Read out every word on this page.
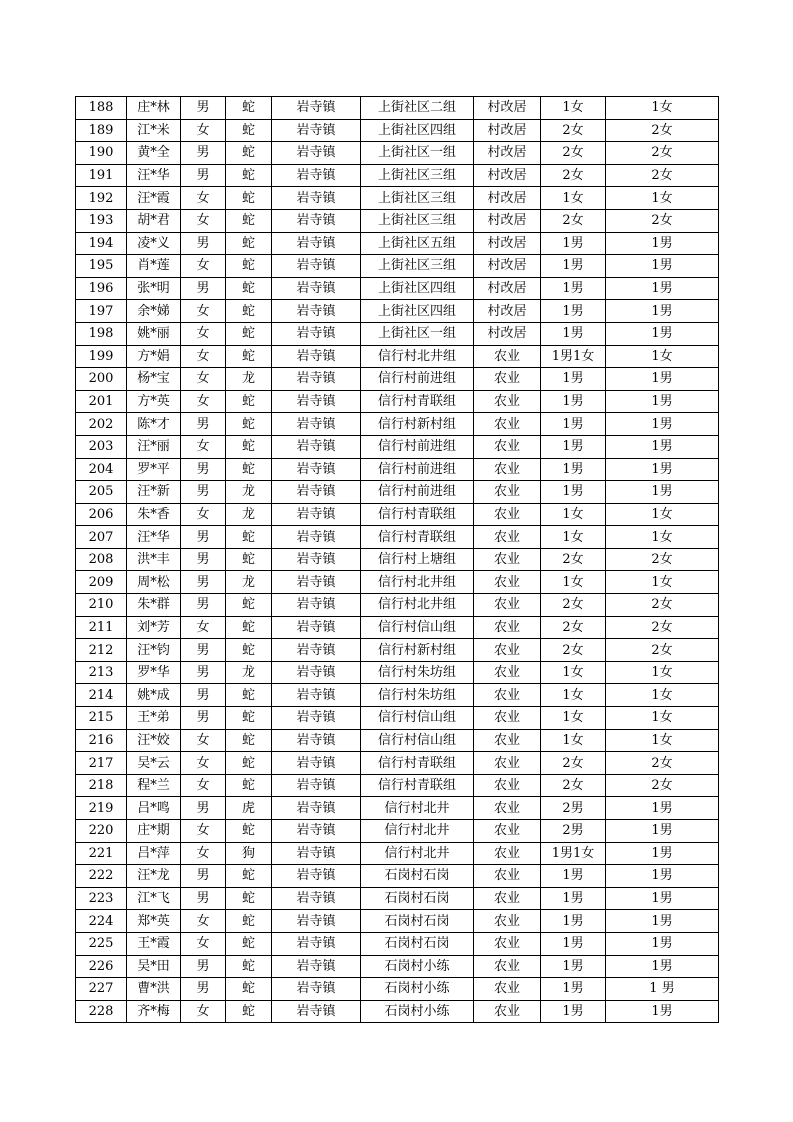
188	庄*林	男	蛇	岩寺镇	上街社区二组	村改居	1女	1女
189	江*米	女	蛇	岩寺镇	上街社区四组	村改居	2女	2女
190	黄*全	男	蛇	岩寺镇	上街社区一组	村改居	2女	2女
191	汪*华	男	蛇	岩寺镇	上街社区三组	村改居	2女	2女
192	汪*霞	女	蛇	岩寺镇	上街社区三组	村改居	1女	1女
193	胡*君	女	蛇	岩寺镇	上街社区三组	村改居	2女	2女
194	凌*义	男	蛇	岩寺镇	上街社区五组	村改居	1男	1男
195	肖*莲	女	蛇	岩寺镇	上街社区三组	村改居	1男	1男
196	张*明	男	蛇	岩寺镇	上街社区四组	村改居	1男	1男
197	余*娣	女	蛇	岩寺镇	上街社区四组	村改居	1男	1男
198	姚*丽	女	蛇	岩寺镇	上街社区一组	村改居	1男	1男
199	方*娟	女	蛇	岩寺镇	信行村北井组	农业	1男1女	1女
200	杨*宝	女	龙	岩寺镇	信行村前进组	农业	1男	1男
201	方*英	女	蛇	岩寺镇	信行村青联组	农业	1男	1男
202	陈*才	男	蛇	岩寺镇	信行村新村组	农业	1男	1男
203	汪*丽	女	蛇	岩寺镇	信行村前进组	农业	1男	1男
204	罗*平	男	蛇	岩寺镇	信行村前进组	农业	1男	1男
205	汪*新	男	龙	岩寺镇	信行村前进组	农业	1男	1男
206	朱*香	女	龙	岩寺镇	信行村青联组	农业	1女	1女
207	汪*华	男	蛇	岩寺镇	信行村青联组	农业	1女	1女
208	洪*丰	男	蛇	岩寺镇	信行村上塘组	农业	2女	2女
209	周*松	男	龙	岩寺镇	信行村北井组	农业	1女	1女
210	朱*群	男	蛇	岩寺镇	信行村北井组	农业	2女	2女
211	刘*芳	女	蛇	岩寺镇	信行村信山组	农业	2女	2女
212	汪*钧	男	蛇	岩寺镇	信行村新村组	农业	2女	2女
213	罗*华	男	龙	岩寺镇	信行村朱坊组	农业	1女	1女
214	姚*成	男	蛇	岩寺镇	信行村朱坊组	农业	1女	1女
215	王*弟	男	蛇	岩寺镇	信行村信山组	农业	1女	1女
216	汪*姣	女	蛇	岩寺镇	信行村信山组	农业	1女	1女
217	吴*云	女	蛇	岩寺镇	信行村青联组	农业	2女	2女
218	程*兰	女	蛇	岩寺镇	信行村青联组	农业	2女	2女
219	吕*鸣	男	虎	岩寺镇	信行村北井	农业	2男	1男
220	庄*期	女	蛇	岩寺镇	信行村北井	农业	2男	1男
221	吕*萍	女	狗	岩寺镇	信行村北井	农业	1男1女	1男
222	汪*龙	男	蛇	岩寺镇	石岗村石岗	农业	1男	1男
223	江*飞	男	蛇	岩寺镇	石岗村石岗	农业	1男	1男
224	郑*英	女	蛇	岩寺镇	石岗村石岗	农业	1男	1男
225	王*霞	女	蛇	岩寺镇	石岗村石岗	农业	1男	1男
226	吴*田	男	蛇	岩寺镇	石岗村小练	农业	1男	1男
227	曹*洪	男	蛇	岩寺镇	石岗村小练	农业	1男	1 男
228	齐*梅	女	蛇	岩寺镇	石岗村小练	农业	1男	1男
